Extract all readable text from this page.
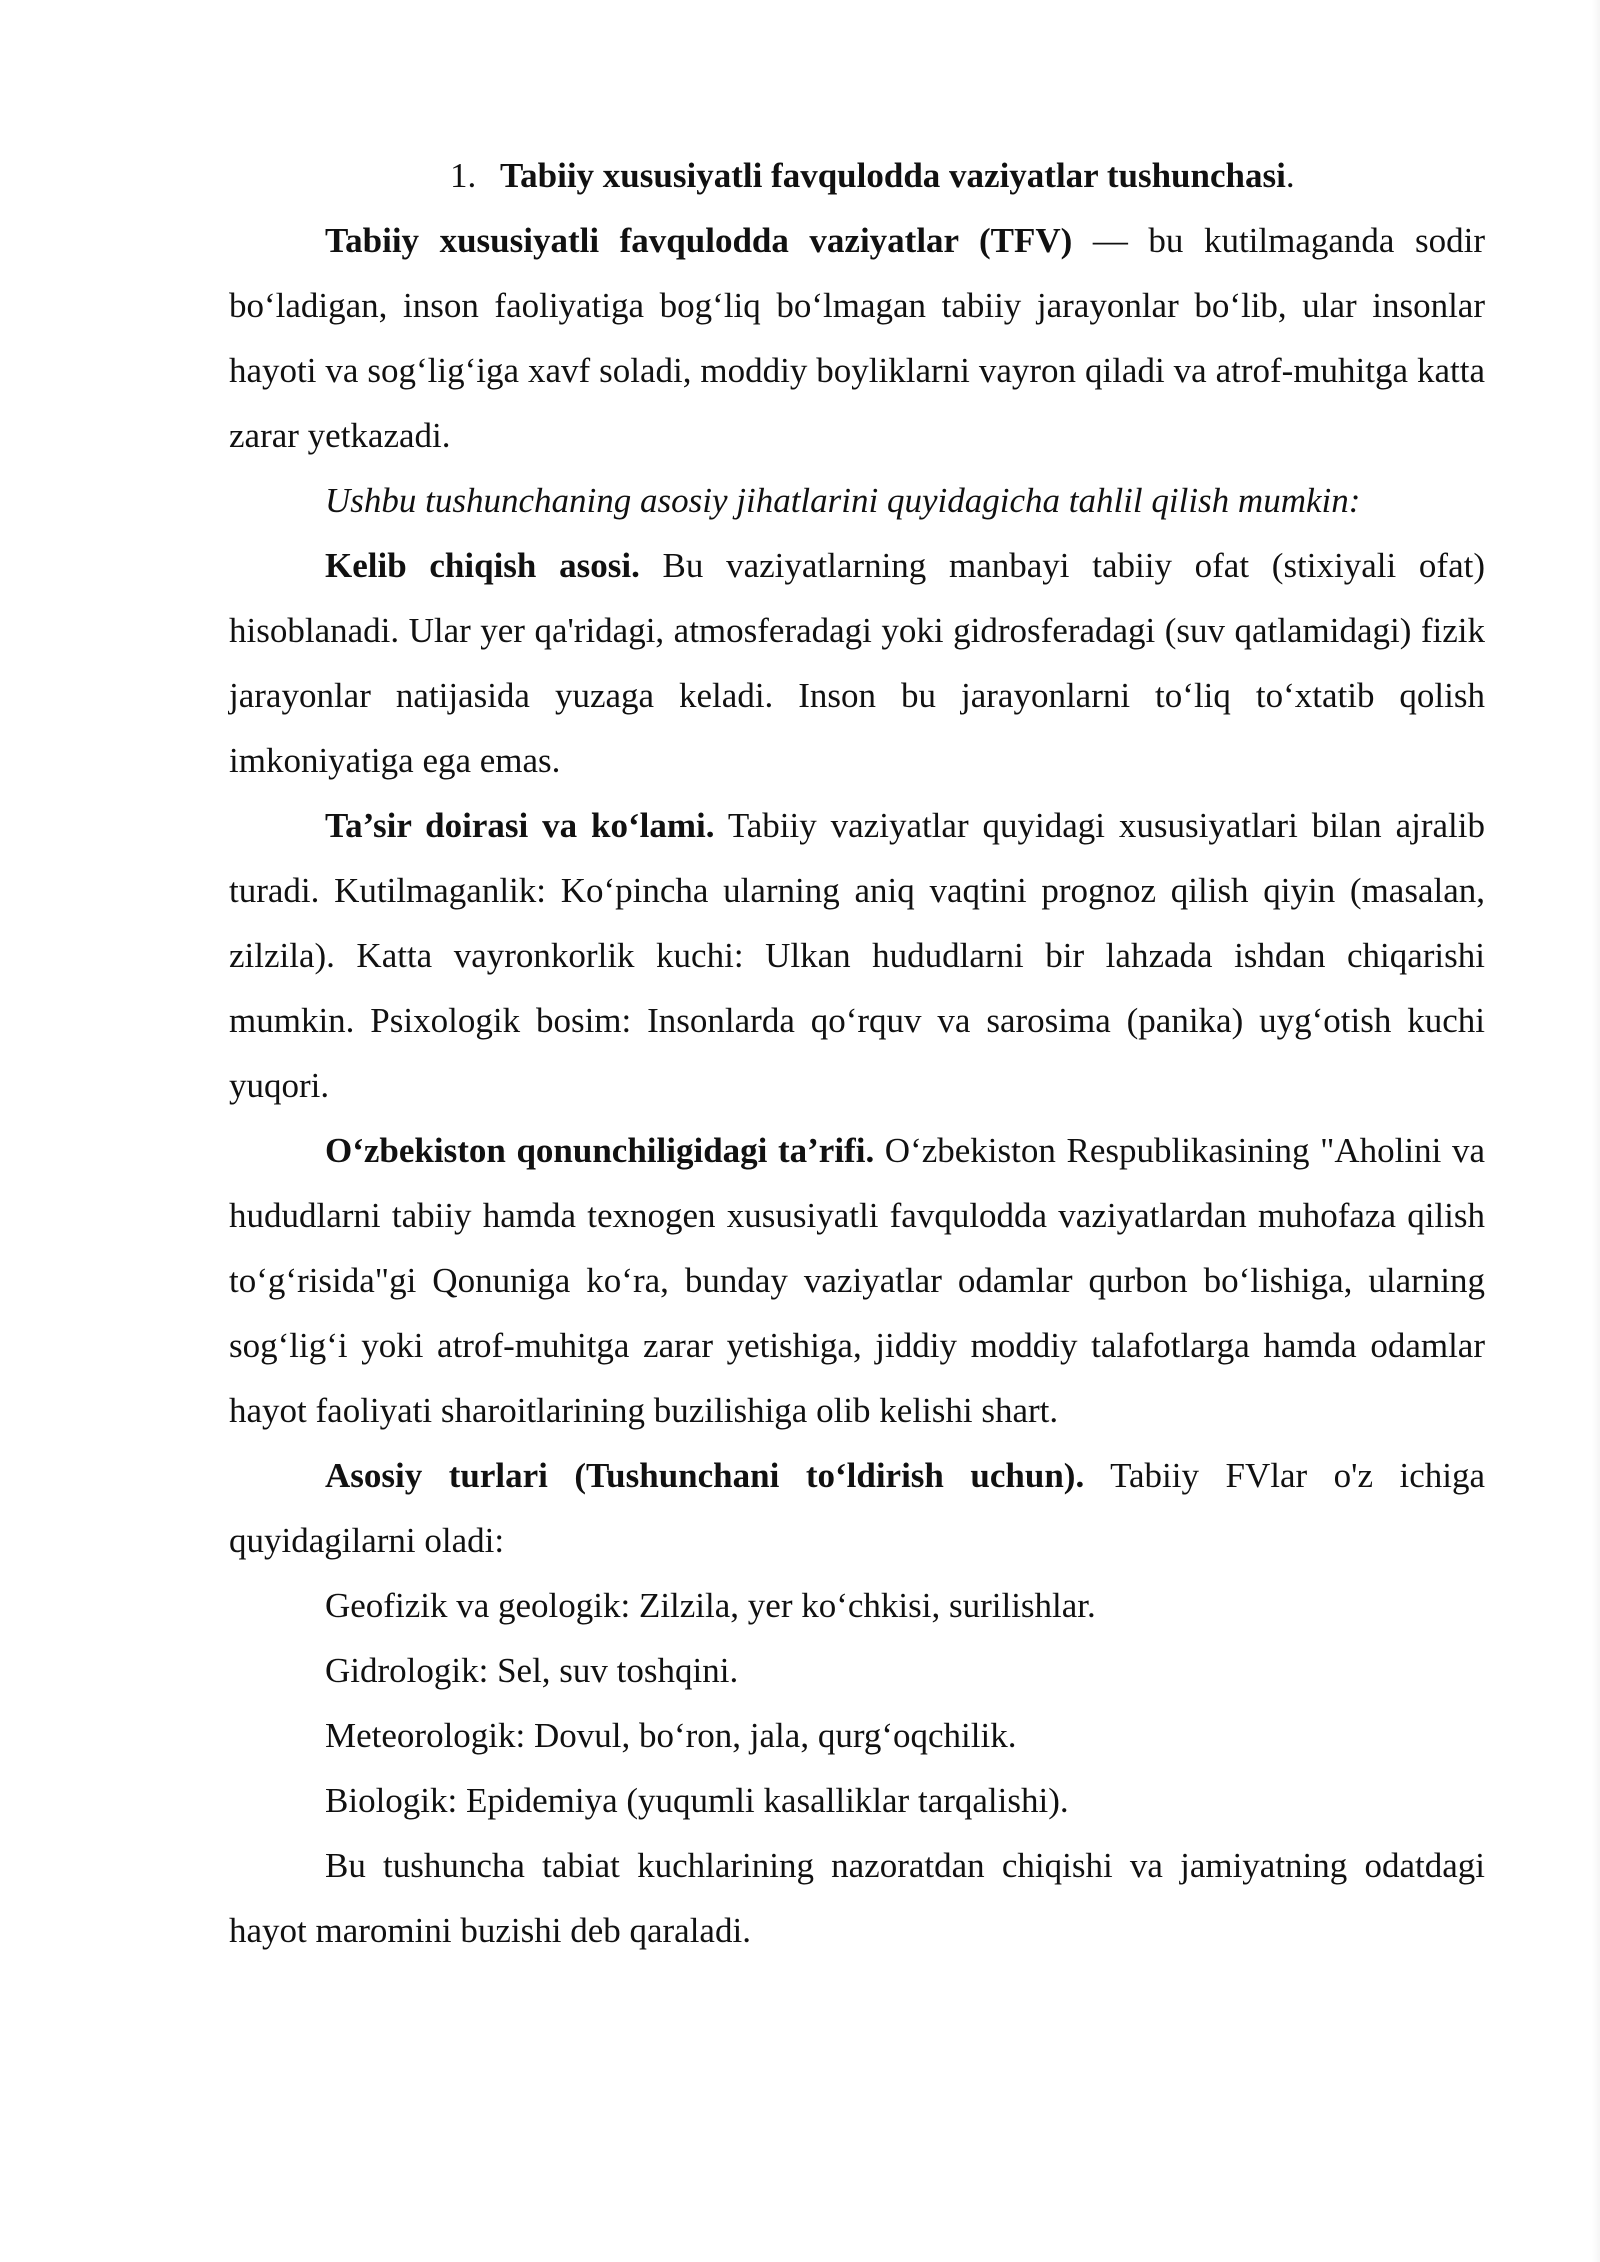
1. Tabiiy xususiyatli favqulodda vaziyatlar tushunchasi.

Tabiiy xususiyatli favqulodda vaziyatlar (TFV) — bu kutilmaganda sodir bo‘ladigan, inson faoliyatiga bog‘liq bo‘lmagan tabiiy jarayonlar bo‘lib, ular insonlar hayoti va sog‘lig‘iga xavf soladi, moddiy boyliklarni vayron qiladi va atrof-muhitga katta zarar yetkazadi.

Ushbu tushunchaning asosiy jihatlarini quyidagicha tahlil qilish mumkin:

Kelib chiqish asosi. Bu vaziyatlarning manbayi tabiiy ofat (stixiyali ofat) hisoblanadi. Ular yer qa'ridagi, atmosferadagi yoki gidrosferadagi (suv qatlamidagi) fizik jarayonlar natijasida yuzaga keladi. Inson bu jarayonlarni to‘liq to‘xtatib qolish imkoniyatiga ega emas.

Ta’sir doirasi va ko‘lami. Tabiiy vaziyatlar quyidagi xususiyatlari bilan ajralib turadi. Kutilmaganlik: Ko‘pincha ularning aniq vaqtini prognoz qilish qiyin (masalan, zilzila). Katta vayronkorlik kuchi: Ulkan hududlarni bir lahzada ishdan chiqarishi mumkin. Psixologik bosim: Insonlarda qo‘rquv va sarosima (panika) uyg‘otish kuchi yuqori.

O‘zbekiston qonunchiligidagi ta’rifi. O‘zbekiston Respublikasining "Aholini va hududlarni tabiiy hamda texnogen xususiyatli favqulodda vaziyatlardan muhofaza qilish to‘g‘risida"gi Qonuniga ko‘ra, bunday vaziyatlar odamlar qurbon bo‘lishiga, ularning sog‘lig‘i yoki atrof-muhitga zarar yetishiga, jiddiy moddiy talafotlarga hamda odamlar hayot faoliyati sharoitlarining buzilishiga olib kelishi shart.

Asosiy turlari (Tushunchani to‘ldirish uchun). Tabiiy FVlar o'z ichiga quyidagilarni oladi:

Geofizik va geologik: Zilzila, yer ko‘chkisi, surilishlar.

Gidrologik: Sel, suv toshqini.

Meteorologik: Dovul, bo‘ron, jala, qurg‘oqchilik.

Biologik: Epidemiya (yuqumli kasalliklar tarqalishi).

Bu tushuncha tabiat kuchlarining nazoratdan chiqishi va jamiyatning odatdagi hayot maromini buzishi deb qaraladi.
